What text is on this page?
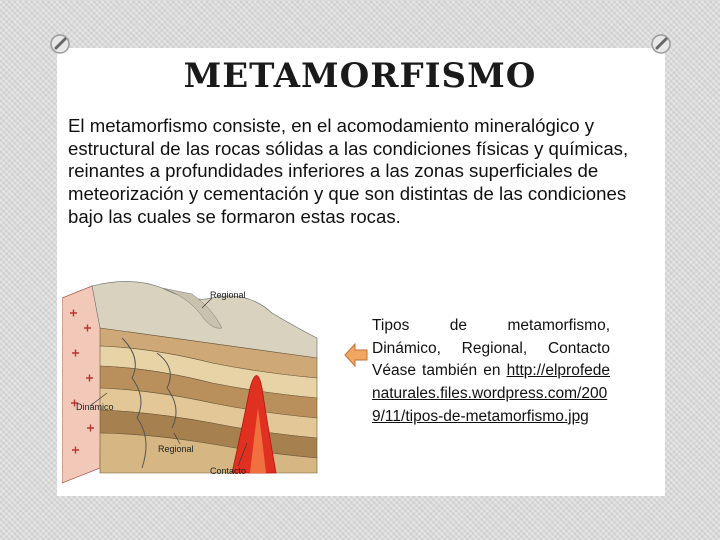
METAMORFISMO

El metamorfismo consiste, en el acomodamiento mineralógico y estructural de las rocas sólidas a las condiciones físicas y químicas, reinantes a profundidades inferiores a las zonas superficiales de meteorización y cementación y que son distintas de las condiciones bajo las cuales se formaron estas rocas.

Regional
Dinámico
Regional
Contacto

Tipos de metamorfismo, Dinámico, Regional, Contacto Véase también en http://elprofedenaturales.files.wordpress.com/2009/11/tipos-de-metamorfismo.jpg
